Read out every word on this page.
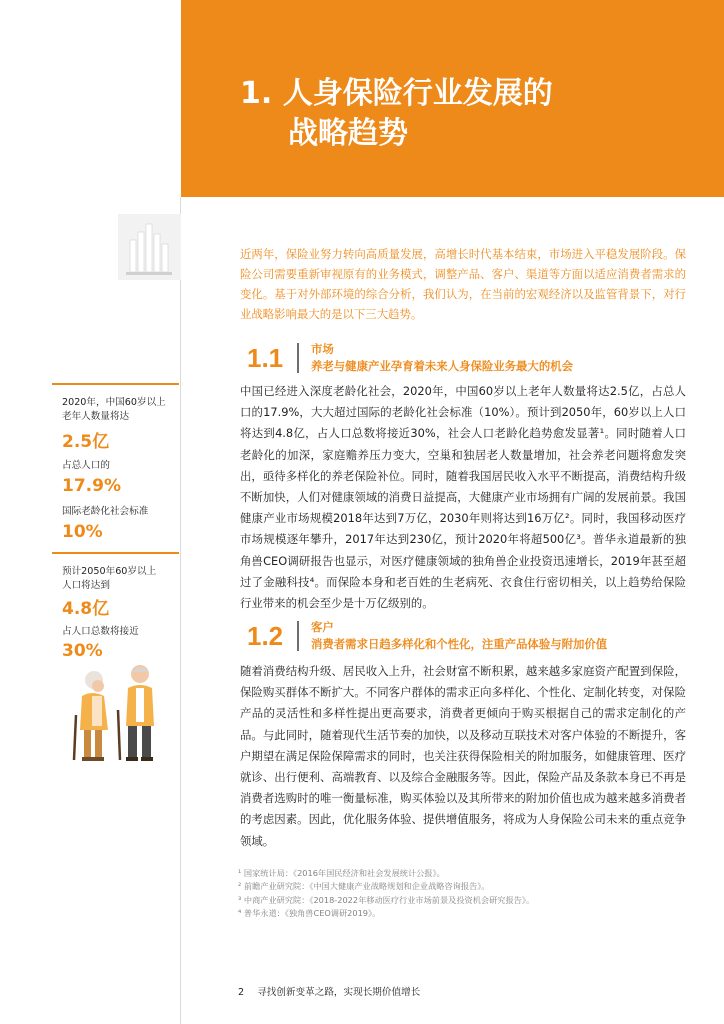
1. 人身保险行业发展的
战略趋势
近两年，保险业努力转向高质量发展，高增长时代基本结束，市场进入平稳发展阶段。保险公司需要重新审视原有的业务模式，调整产品、客户、渠道等方面以适应消费者需求的变化。基于对外部环境的综合分析，我们认为，在当前的宏观经济以及监管背景下，对行业战略影响最大的是以下三大趋势。
1.1 市场
养老与健康产业孕育着未来人身保险业务最大的机会
中国已经进入深度老龄化社会，2020年，中国60岁以上老年人数量将达2.5亿，占总人口的17.9%，大大超过国际的老龄化社会标准（10%）。预计到2050年，60岁以上人口将达到4.8亿，占人口总数将接近30%，社会人口老龄化趋势愈发显著¹。同时随着人口老龄化的加深，家庭赡养压力变大，空巢和独居老人数量增加，社会养老问题将愈发突出，亟待多样化的养老保险补位。同时，随着我国居民收入水平不断提高，消费结构升级不断加快，人们对健康领域的消费日益提高，大健康产业市场拥有广阔的发展前景。我国健康产业市场规模2018年达到7万亿，2030年则将达到16万亿²。同时，我国移动医疗市场规模逐年攀升，2017年达到230亿，预计2020年将超500亿³。普华永道最新的独角兽CEO调研报告也显示，对医疗健康领域的独角兽企业投资迅速增长，2019年甚至超过了金融科技⁴。而保险本身和老百姓的生老病死、衣食住行密切相关，以上趋势给保险行业带来的机会至少是十万亿级别的。
1.2 客户
消费者需求日趋多样化和个性化，注重产品体验与附加价值
随着消费结构升级、居民收入上升，社会财富不断积累，越来越多家庭资产配置到保险，保险购买群体不断扩大。不同客户群体的需求正向多样化、个性化、定制化转变，对保险产品的灵活性和多样性提出更高要求，消费者更倾向于购买根据自己的需求定制化的产品。与此同时，随着现代生活节奏的加快，以及移动互联技术对客户体验的不断提升，客户期望在满足保险保障需求的同时，也关注获得保险相关的附加服务，如健康管理、医疗就诊、出行便利、高端教育、以及综合金融服务等。因此，保险产品及条款本身已不再是消费者选购时的唯一衡量标准，购买体验以及其所带来的附加价值也成为越来越多消费者的考虑因素。因此，优化服务体验、提供增值服务，将成为人身保险公司未来的重点竞争领域。
2020年，中国60岁以上老年人数量将达
2.5亿
占总人口的
17.9%
国际老龄化社会标准
10%
预计2050年60岁以上人口将达到
4.8亿
占人口总数将接近
30%
¹ 国家统计局：《2016年国民经济和社会发展统计公报》。
² 前瞻产业研究院：《中国大健康产业战略规划和企业战略咨询报告》。
³ 中商产业研究院：《2018-2022年移动医疗行业市场前景及投资机会研究报告》。
⁴ 普华永道：《独角兽CEO调研2019》。
2 寻找创新变革之路，实现长期价值增长
